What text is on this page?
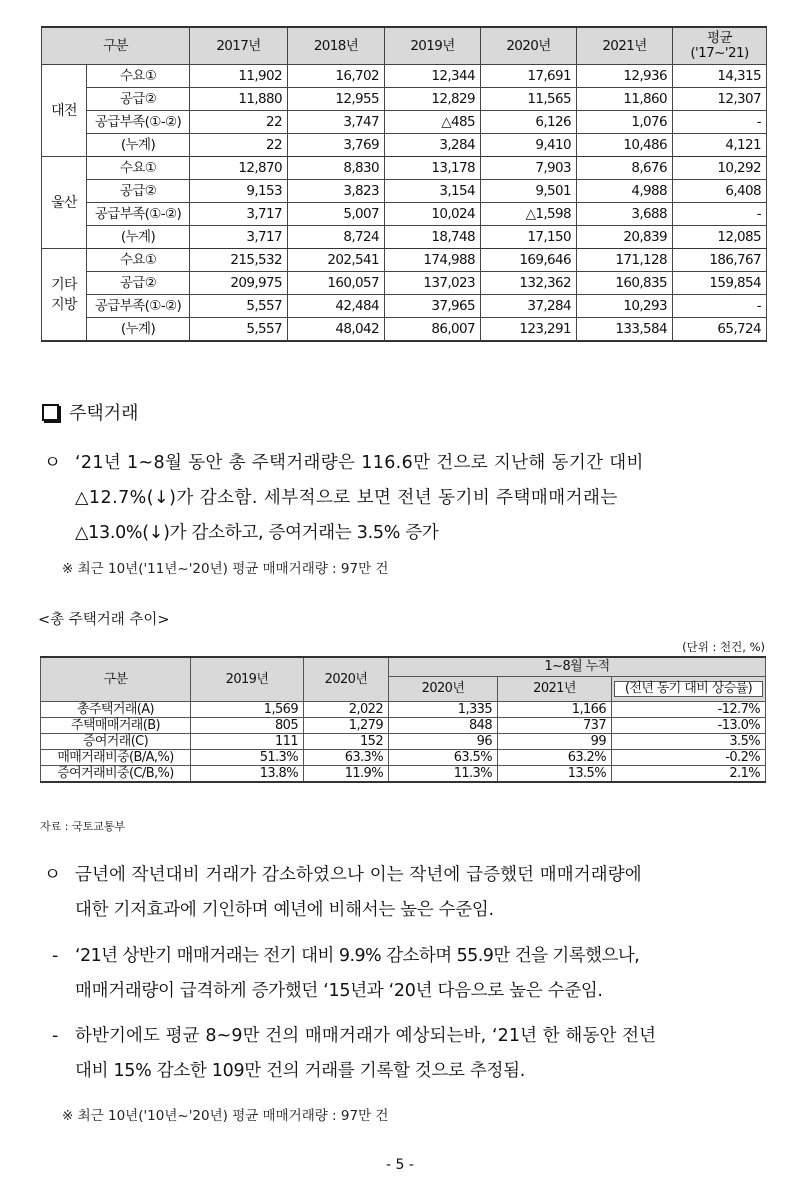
구분		2017년	2018년	2019년	2020년	2021년	평균
('17~'21)

대전	수요①	11,902	16,702	12,344	17,691	12,936	14,315
	공급②	11,880	12,955	12,829	11,565	11,860	12,307
	공급부족(①-②)	22	3,747	△485	6,126	1,076	-
	(누계)	22	3,769	3,284	9,410	10,486	4,121

울산	수요①	12,870	8,830	13,178	7,903	8,676	10,292
	공급②	9,153	3,823	3,154	9,501	4,988	6,408
	공급부족(①-②)	3,717	5,007	10,024	△1,598	3,688	-
	(누계)	3,717	8,724	18,748	17,150	20,839	12,085

기타
지방	수요①	215,532	202,541	174,988	169,646	171,128	186,767
	공급②	209,975	160,057	137,023	132,362	160,835	159,854
	공급부족(①-②)	5,557	42,484	37,965	37,284	10,293	-
	(누계)	5,557	48,042	86,007	123,291	133,584	65,724
주택거래
ㅇ ‘21년 1~8월 동안 총 주택거래량은 116.6만 건으로 지난해 동기간 대비
△12.7%(↓)가 감소함. 세부적으로 보면 전년 동기비 주택매매거래는
△13.0%(↓)가 감소하고, 증여거래는 3.5% 증가
※ 최근 10년('11년~'20년) 평균 매매거래량 : 97만 건
<총 주택거래 추이>
(단위 : 천건, %)
구분	2019년	2020년	1~8월 누적		
			2020년	2021년	(전년 동기 대비 상승률)

총주택거래(A)	1,569	2,022	1,335	1,166	-12.7%
주택매매거래(B)	805	1,279	848	737	-13.0%
증여거래(C)	111	152	96	99	3.5%
매매거래비중(B/A,%)	51.3%	63.3%	63.5%	63.2%	-0.2%
증여거래비중(C/B,%)	13.8%	11.9%	11.3%	13.5%	2.1%
자료 : 국토교통부
ㅇ 금년에 작년대비 거래가 감소하였으나 이는 작년에 급증했던 매매거래량에
대한 기저효과에 기인하며 예년에 비해서는 높은 수준임.
- ‘21년 상반기 매매거래는 전기 대비 9.9% 감소하며 55.9만 건을 기록했으나,
매매거래량이 급격하게 증가했던 ‘15년과 ‘20년 다음으로 높은 수준임.
- 하반기에도 평균 8~9만 건의 매매거래가 예상되는바, ‘21년 한 해동안 전년
대비 15% 감소한 109만 건의 거래를 기록할 것으로 추정됨.
※ 최근 10년('10년~'20년) 평균 매매거래량 : 97만 건
- 5 -
